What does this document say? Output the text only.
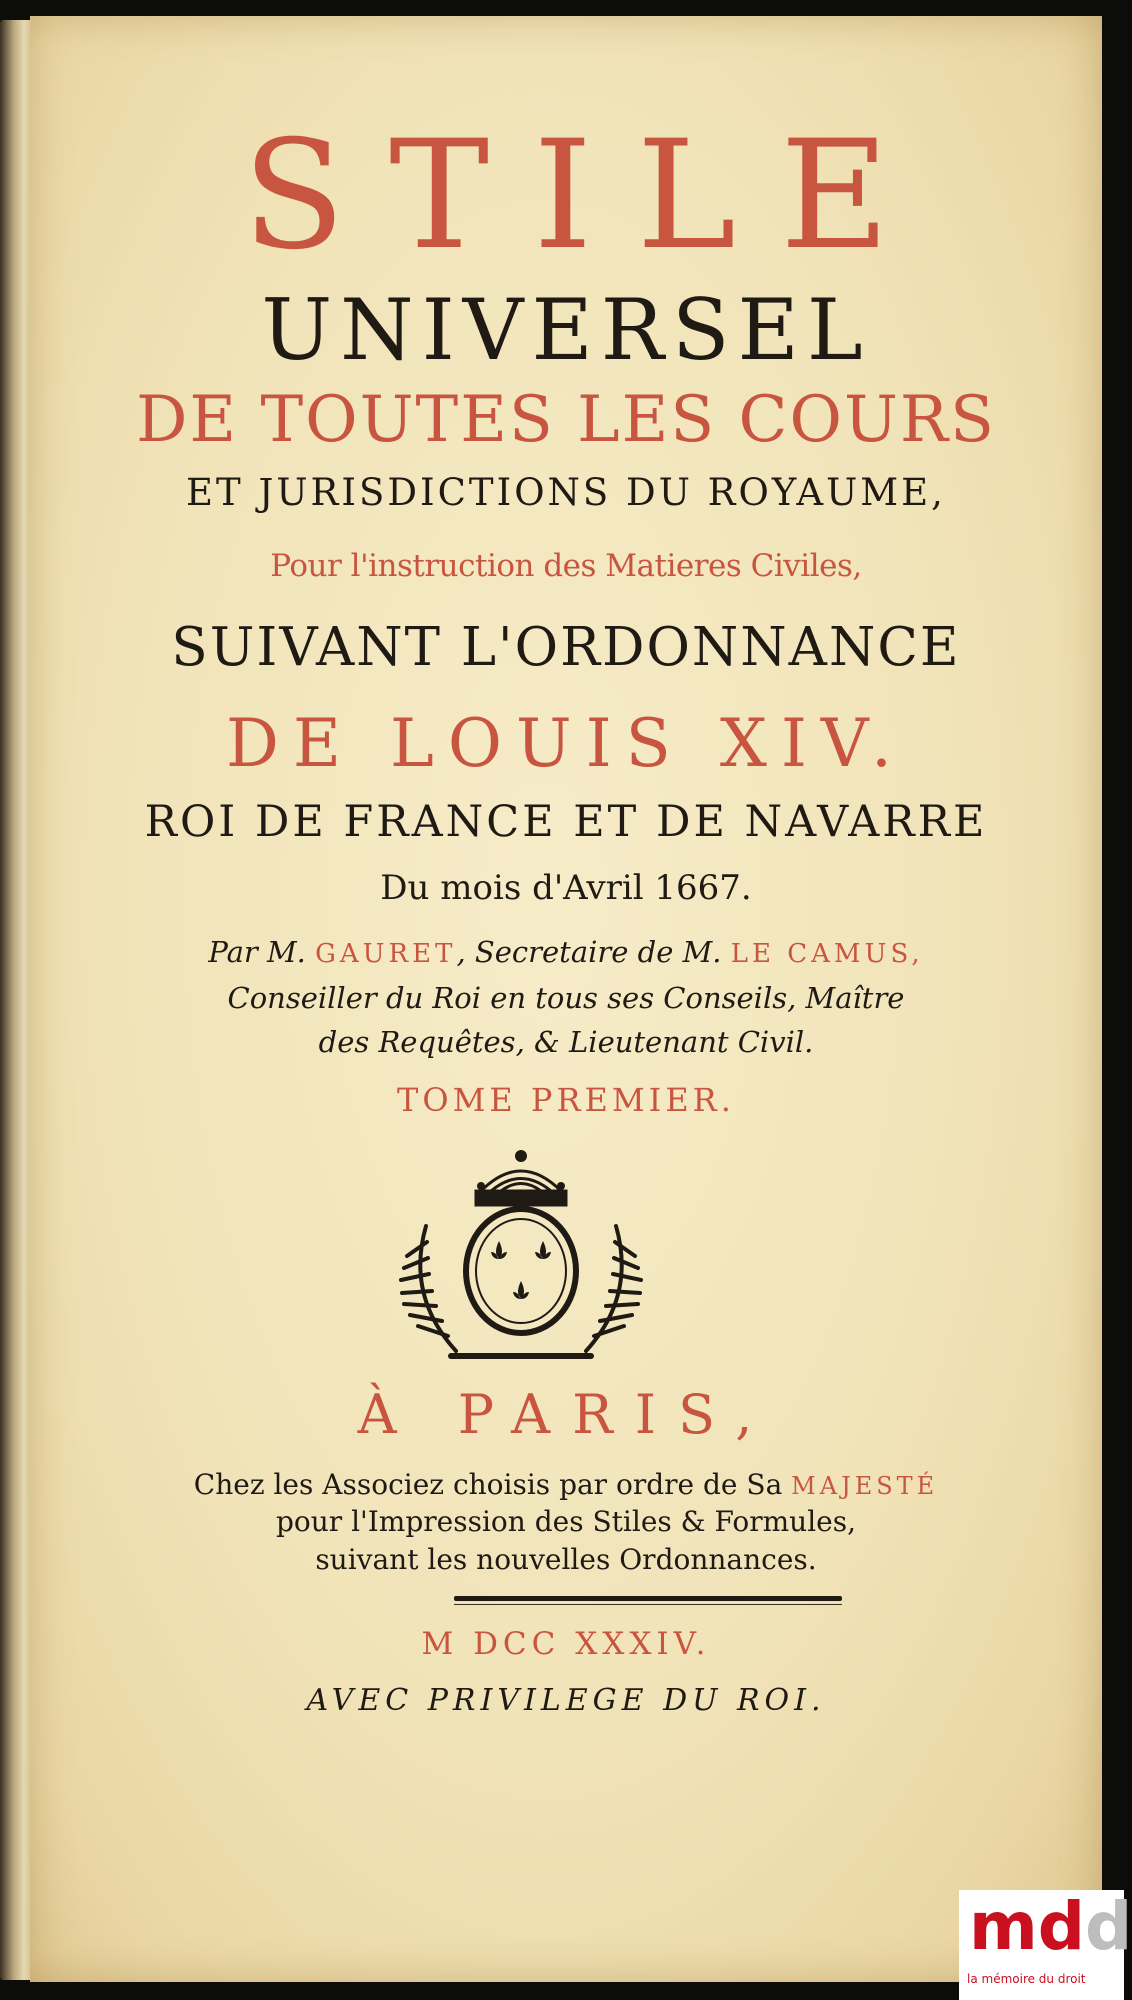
STILE

UNIVERSEL

DE TOUTES LES COURS

ET JURISDICTIONS DU ROYAUME,

Pour l'instruction des Matieres Civiles,

SUIVANT L'ORDONNANCE

DE LOUIS XIV.

ROI DE FRANCE ET DE NAVARRE

Du mois d'Avril 1667.

Par M. GAURET, Secretaire de M. LE CAMUS,

Conseiller du Roi en tous ses Conseils, Maître

des Requêtes, & Lieutenant Civil.

TOME PREMIER.

À PARIS,

Chez les Associez choisis par ordre de Sa MAJESTÉ

pour l'Impression des Stiles & Formules,

suivant les nouvelles Ordonnances.

M DCC XXXIV.

AVEC PRIVILEGE DU ROI.

mdd
la mémoire du droit
